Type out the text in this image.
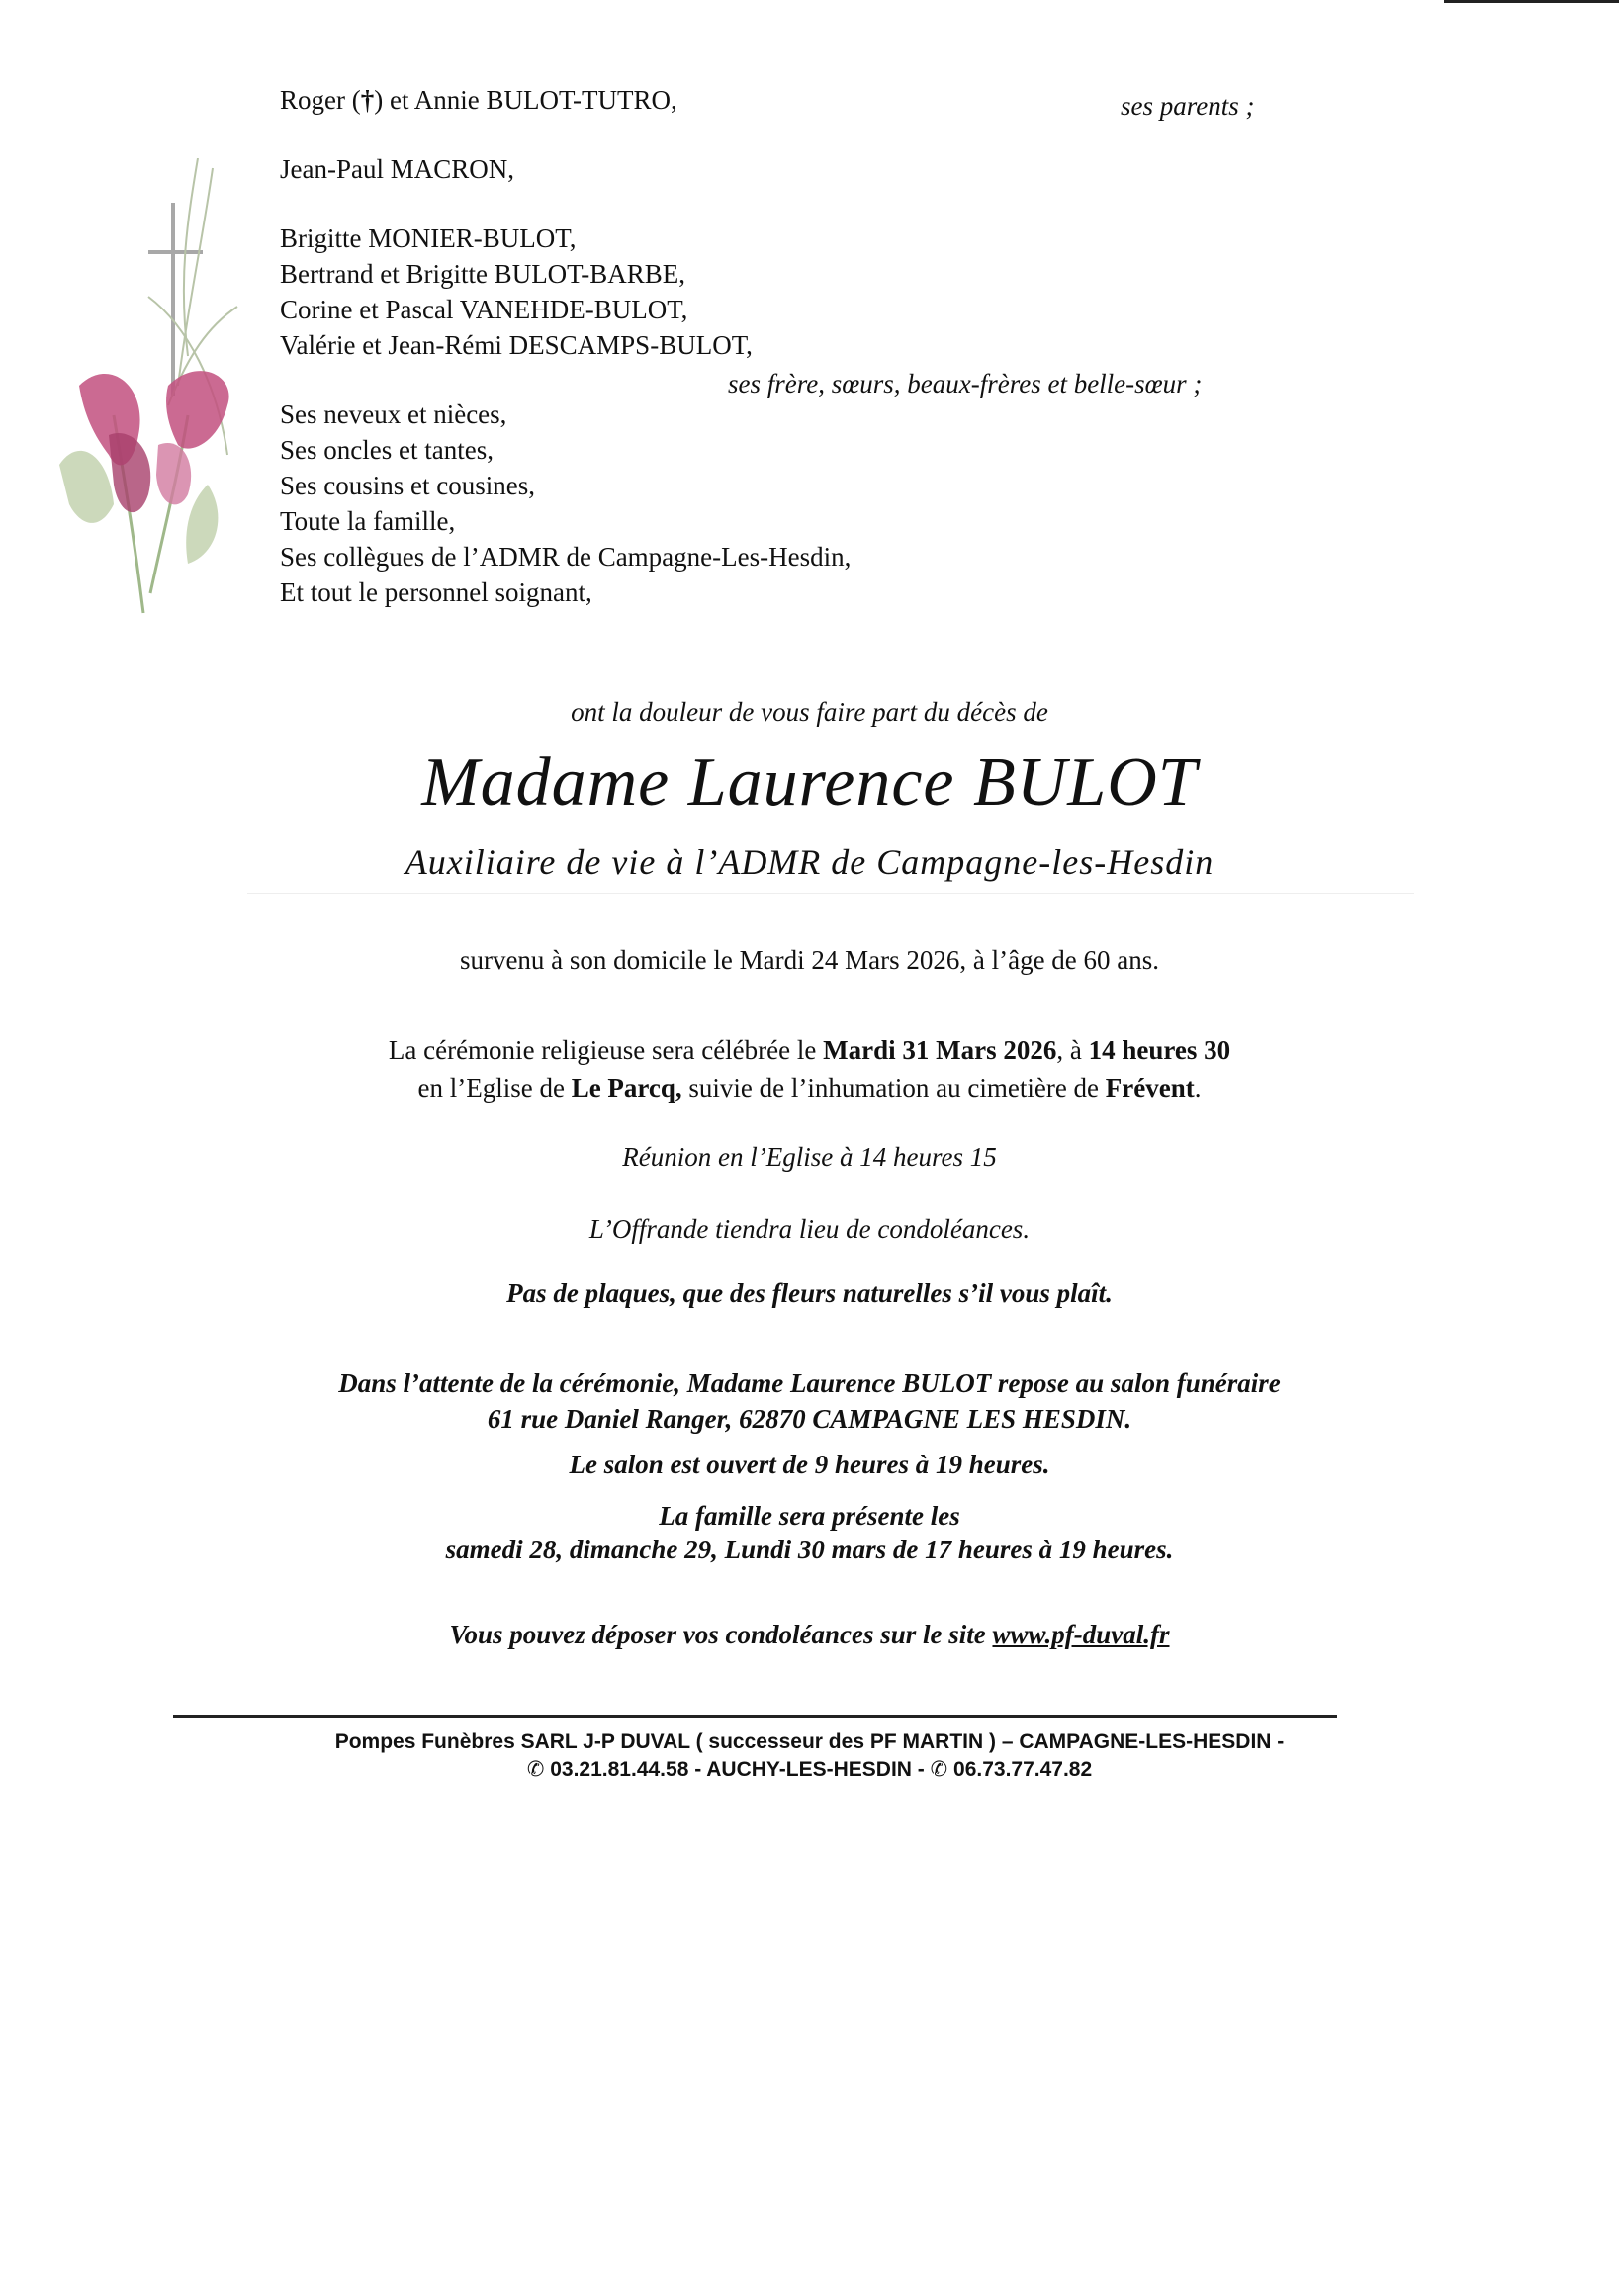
Roger (†) et Annie BULOT-TUTRO,	ses parents ;
Jean-Paul MACRON,
Brigitte MONIER-BULOT,
Bertrand et Brigitte BULOT-BARBE,
Corine et Pascal VANEHDE-BULOT,
Valérie et Jean-Rémi DESCAMPS-BULOT,
ses frère, sœurs, beaux-frères et belle-sœur ;
Ses neveux et nièces,
Ses oncles et tantes,
Ses cousins et cousines,
Toute la famille,
Ses collègues de l’ADMR de Campagne-Les-Hesdin,
Et tout le personnel soignant,
ont la douleur de vous faire part du décès de
Madame Laurence BULOT
Auxiliaire de vie à l’ADMR de Campagne-les-Hesdin
survenu à son domicile le Mardi 24 Mars 2026, à l’âge de 60 ans.
La cérémonie religieuse sera célébrée le Mardi 31 Mars 2026, à 14 heures 30
en l’Eglise de Le Parcq, suivie de l’inhumation au cimetière de Frévent.
Réunion en l’Eglise à 14 heures 15
L’Offrande tiendra lieu de condoléances.
Pas de plaques, que des fleurs naturelles s’il vous plaît.
Dans l’attente de la cérémonie, Madame Laurence BULOT repose au salon funéraire
61 rue Daniel Ranger, 62870 CAMPAGNE LES HESDIN.
Le salon est ouvert de 9 heures à 19 heures.
La famille sera présente les
samedi 28, dimanche 29, Lundi 30 mars de 17 heures à 19 heures.
Vous pouvez déposer vos condoléances sur le site www.pf-duval.fr
Pompes Funèbres SARL J-P DUVAL ( successeur des PF MARTIN ) – CAMPAGNE-LES-HESDIN -
✆ 03.21.81.44.58 - AUCHY-LES-HESDIN - ✆ 06.73.77.47.82
